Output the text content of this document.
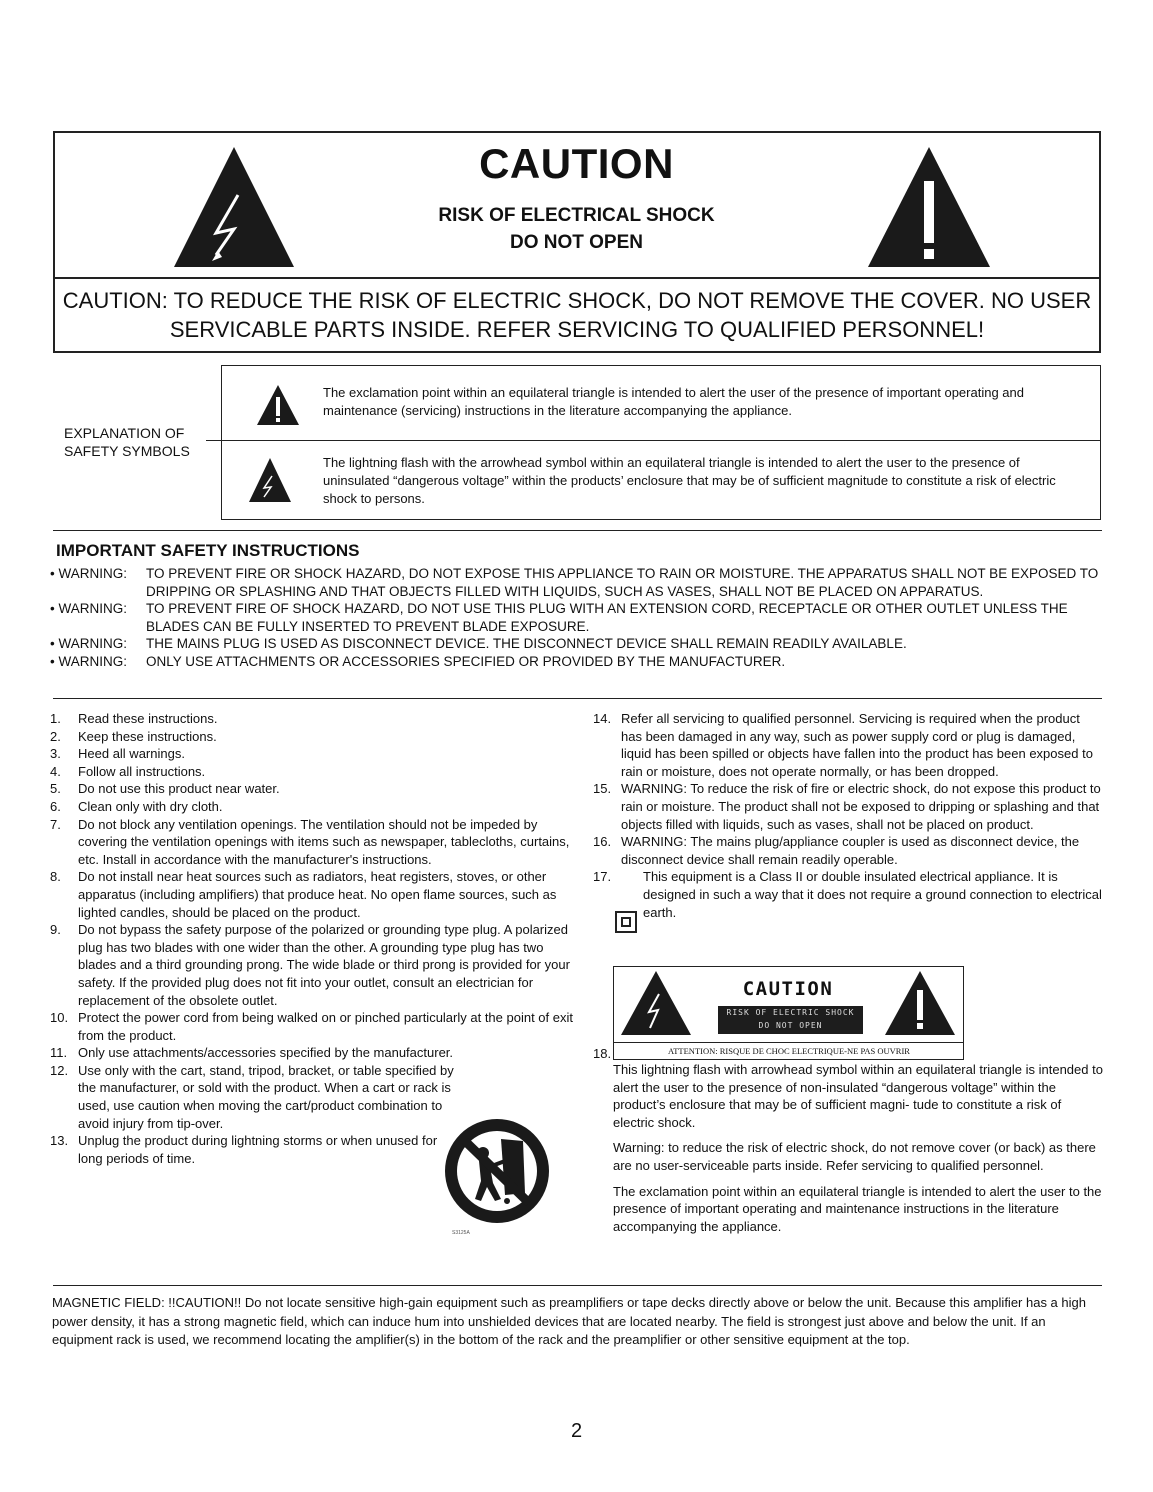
CAUTION
RISK OF ELECTRICAL SHOCK
DO NOT OPEN
CAUTION: TO REDUCE THE RISK OF ELECTRIC SHOCK, DO NOT REMOVE THE COVER. NO USER SERVICABLE PARTS INSIDE. REFER SERVICING TO QUALIFIED PERSONNEL!
EXPLANATION OF SAFETY SYMBOLS
The exclamation point within an equilateral triangle is intended to alert the user of the presence of important operating and maintenance (servicing) instructions in the literature accompanying the appliance.
The lightning flash with the arrowhead symbol within an equilateral triangle is intended to alert the user to the presence of uninsulated “dangerous voltage” within the products’ enclosure that may be of sufficient magnitude to constitute a risk of electric shock to persons.
IMPORTANT SAFETY INSTRUCTIONS
• WARNING: TO PREVENT FIRE OR SHOCK HAZARD, DO NOT EXPOSE THIS APPLIANCE TO RAIN OR MOISTURE. THE APPARATUS SHALL NOT BE EXPOSED TO DRIPPING OR SPLASHING AND THAT OBJECTS FILLED WITH LIQUIDS, SUCH AS VASES, SHALL NOT BE PLACED ON APPARATUS.
• WARNING: TO PREVENT FIRE OF SHOCK HAZARD, DO NOT USE THIS PLUG WITH AN EXTENSION CORD, RECEPTACLE OR OTHER OUTLET UNLESS THE BLADES CAN BE FULLY INSERTED TO PREVENT BLADE EXPOSURE.
• WARNING: THE MAINS PLUG IS USED AS DISCONNECT DEVICE. THE DISCONNECT DEVICE SHALL REMAIN READILY AVAILABLE.
• WARNING: ONLY USE ATTACHMENTS OR ACCESSORIES SPECIFIED OR PROVIDED BY THE MANUFACTURER.
1. Read these instructions.
2. Keep these instructions.
3. Heed all warnings.
4. Follow all instructions.
5. Do not use this product near water.
6. Clean only with dry cloth.
7. Do not block any ventilation openings. The ventilation should not be impeded by covering the ventilation openings with items such as newspaper, tablecloths, curtains, etc. Install in accordance with the manufacturer's instructions.
8. Do not install near heat sources such as radiators, heat registers, stoves, or other apparatus (including amplifiers) that produce heat. No open flame sources, such as lighted candles, should be placed on the product.
9. Do not bypass the safety purpose of the polarized or grounding type plug. A polarized plug has two blades with one wider than the other. A grounding type plug has two blades and a third grounding prong. The wide blade or third prong is provided for your safety. If the provided plug does not fit into your outlet, consult an electrician for replacement of the obsolete outlet.
10. Protect the power cord from being walked on or pinched particularly at the point of exit from the product.
11. Only use attachments/accessories specified by the manufacturer.
12. Use only with the cart, stand, tripod, bracket, or table specified by the manufacturer, or sold with the product. When a cart or rack is used, use caution when moving the cart/product combination to avoid injury from tip-over.
13. Unplug the product during lightning storms or when unused for long periods of time.
S3125A
14. Refer all servicing to qualified personnel. Servicing is required when the product has been damaged in any way, such as power supply cord or plug is damaged, liquid has been spilled or objects have fallen into the product has been exposed to rain or moisture, does not operate normally, or has been dropped.
15. WARNING: To reduce the risk of fire or electric shock, do not expose this product to rain or moisture. The product shall not be exposed to dripping or splashing and that objects filled with liquids, such as vases, shall not be placed on product.
16. WARNING: The mains plug/appliance coupler is used as disconnect device, the disconnect device shall remain readily operable.
17. This equipment is a Class II or double insulated electrical appliance. It is designed in such a way that it does not require a ground connection to electrical earth.
18.
CAUTION
RISK OF ELECTRIC SHOCK
DO NOT OPEN
ATTENTION: RISQUE DE CHOC ELECTRIQUE-NE PAS OUVRIR

This lightning flash with arrowhead symbol within an equilateral triangle is intended to alert the user to the presence of non-insulated “dangerous voltage” within the product’s enclosure that may be of sufficient magni- tude to constitute a risk of electric shock.

Warning: to reduce the risk of electric shock, do not remove cover (or back) as there are no user-serviceable parts inside. Refer servicing to qualified personnel.

The exclamation point within an equilateral triangle is intended to alert the user to the presence of important operating and maintenance instructions in the literature accompanying the appliance.

MAGNETIC FIELD: !!CAUTION!! Do not locate sensitive high-gain equipment such as preamplifiers or tape decks directly above or below the unit. Because this amplifier has a high power density, it has a strong magnetic field, which can induce hum into unshielded devices that are located nearby. The field is strongest just above and below the unit. If an equipment rack is used, we recommend locating the amplifier(s) in the bottom of the rack and the preamplifier or other sensitive equipment at the top.
2
